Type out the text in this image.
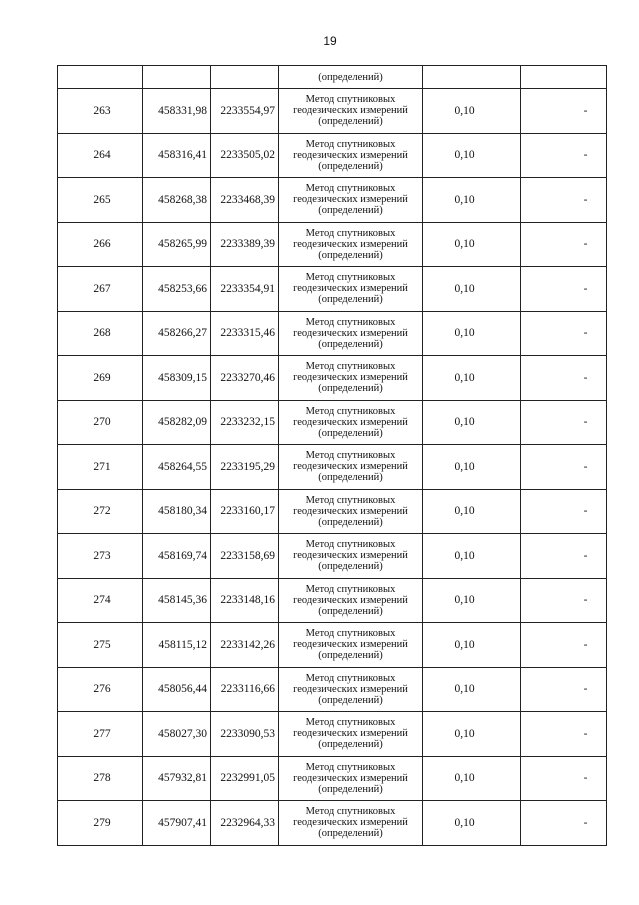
19
			(определений)		
263	458331,98	2233554,97	Метод спутниковых
геодезических измерений
(определений)	0,10	-
264	458316,41	2233505,02	Метод спутниковых
геодезических измерений
(определений)	0,10	-
265	458268,38	2233468,39	Метод спутниковых
геодезических измерений
(определений)	0,10	-
266	458265,99	2233389,39	Метод спутниковых
геодезических измерений
(определений)	0,10	-
267	458253,66	2233354,91	Метод спутниковых
геодезических измерений
(определений)	0,10	-
268	458266,27	2233315,46	Метод спутниковых
геодезических измерений
(определений)	0,10	-
269	458309,15	2233270,46	Метод спутниковых
геодезических измерений
(определений)	0,10	-
270	458282,09	2233232,15	Метод спутниковых
геодезических измерений
(определений)	0,10	-
271	458264,55	2233195,29	Метод спутниковых
геодезических измерений
(определений)	0,10	-
272	458180,34	2233160,17	Метод спутниковых
геодезических измерений
(определений)	0,10	-
273	458169,74	2233158,69	Метод спутниковых
геодезических измерений
(определений)	0,10	-
274	458145,36	2233148,16	Метод спутниковых
геодезических измерений
(определений)	0,10	-
275	458115,12	2233142,26	Метод спутниковых
геодезических измерений
(определений)	0,10	-
276	458056,44	2233116,66	Метод спутниковых
геодезических измерений
(определений)	0,10	-
277	458027,30	2233090,53	Метод спутниковых
геодезических измерений
(определений)	0,10	-
278	457932,81	2232991,05	Метод спутниковых
геодезических измерений
(определений)	0,10	-
279	457907,41	2232964,33	Метод спутниковых
геодезических измерений
(определений)	0,10	-
